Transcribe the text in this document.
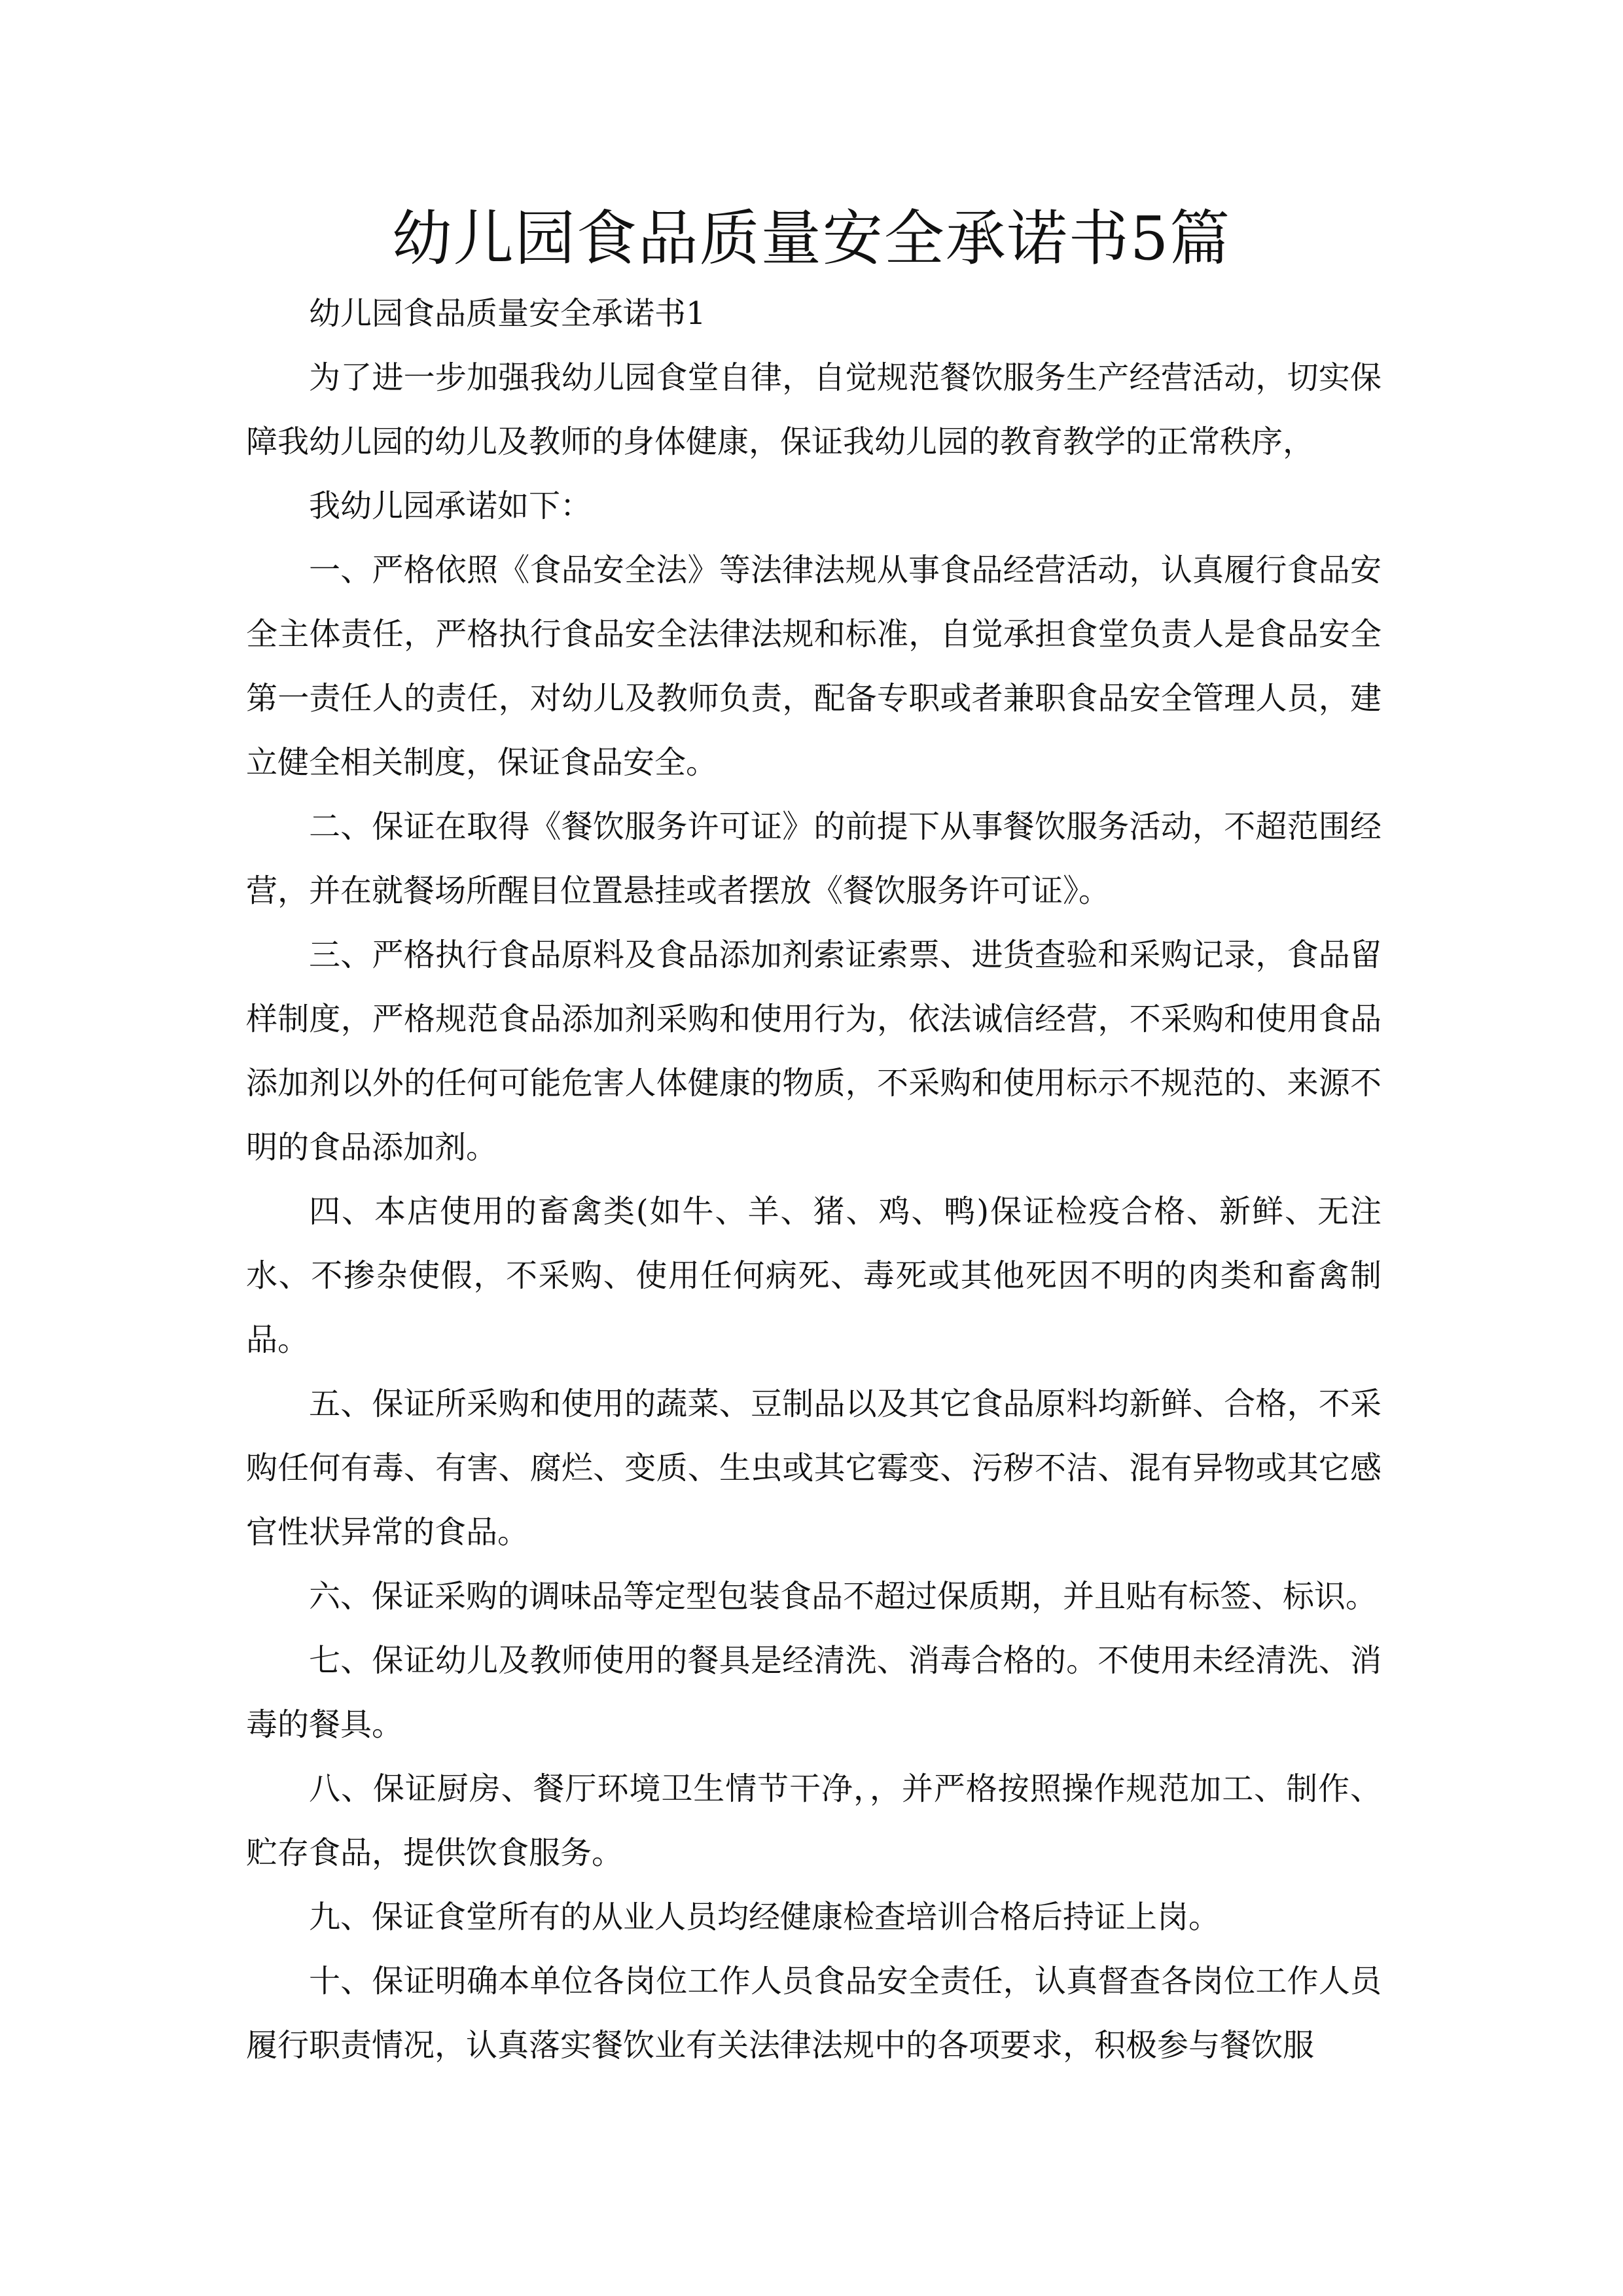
幼儿园食品质量安全承诺书5篇

幼儿园食品质量安全承诺书1

为了进一步加强我幼儿园食堂自律，自觉规范餐饮服务生产经营活动，切实保障我幼儿园的幼儿及教师的身体健康，保证我幼儿园的教育教学的正常秩序，

我幼儿园承诺如下：

一、严格依照《食品安全法》等法律法规从事食品经营活动，认真履行食品安全主体责任，严格执行食品安全法律法规和标准，自觉承担食堂负责人是食品安全第一责任人的责任，对幼儿及教师负责，配备专职或者兼职食品安全管理人员，建立健全相关制度，保证食品安全。

二、保证在取得《餐饮服务许可证》的前提下从事餐饮服务活动，不超范围经营，并在就餐场所醒目位置悬挂或者摆放《餐饮服务许可证》。

三、严格执行食品原料及食品添加剂索证索票、进货查验和采购记录，食品留样制度，严格规范食品添加剂采购和使用行为，依法诚信经营，不采购和使用食品添加剂以外的任何可能危害人体健康的物质，不采购和使用标示不规范的、来源不明的食品添加剂。

四、本店使用的畜禽类(如牛、羊、猪、鸡、鸭)保证检疫合格、新鲜、无注水、不掺杂使假，不采购、使用任何病死、毒死或其他死因不明的肉类和畜禽制品。

五、保证所采购和使用的蔬菜、豆制品以及其它食品原料均新鲜、合格，不采购任何有毒、有害、腐烂、变质、生虫或其它霉变、污秽不洁、混有异物或其它感官性状异常的食品。

六、保证采购的调味品等定型包装食品不超过保质期，并且贴有标签、标识。

七、保证幼儿及教师使用的餐具是经清洗、消毒合格的。不使用未经清洗、消毒的餐具。

八、保证厨房、餐厅环境卫生情节干净，，并严格按照操作规范加工、制作、贮存食品，提供饮食服务。

九、保证食堂所有的从业人员均经健康检查培训合格后持证上岗。

十、保证明确本单位各岗位工作人员食品安全责任，认真督查各岗位工作人员履行职责情况，认真落实餐饮业有关法律法规中的各项要求，积极参与餐饮服
